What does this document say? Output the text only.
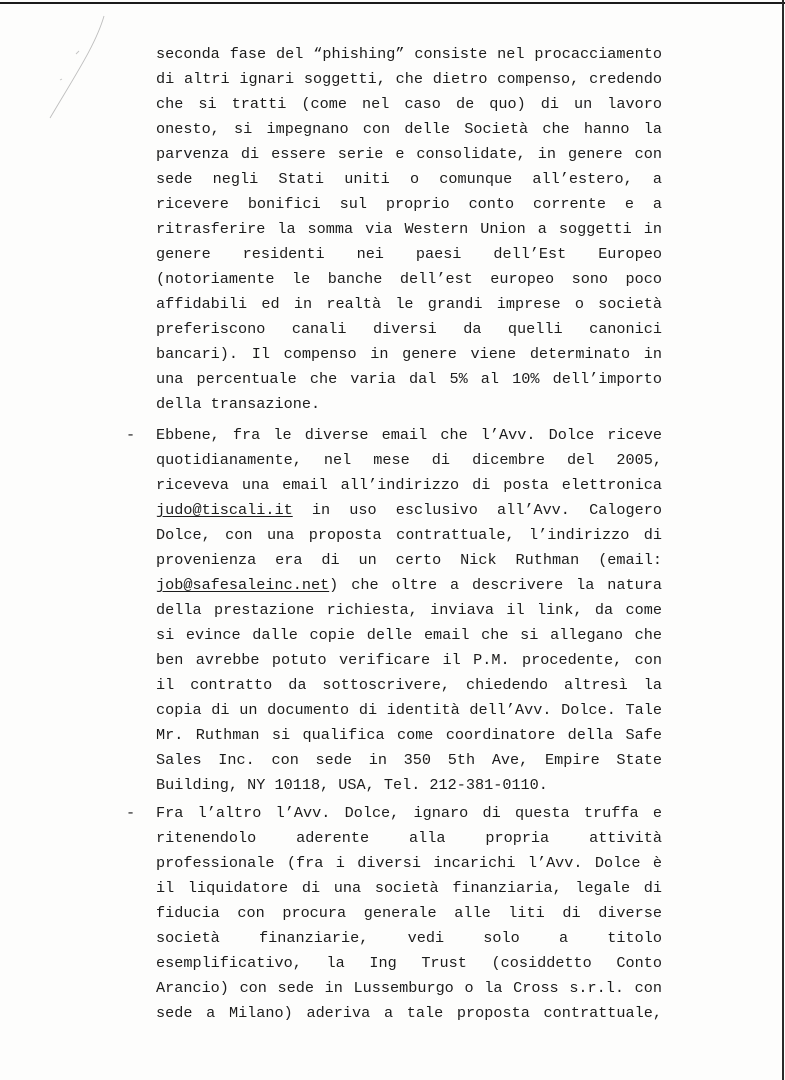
seconda fase del “phishing” consiste nel procacciamento

di altri ignari soggetti, che dietro compenso, credendo

che si tratti (come nel caso de quo) di un lavoro

onesto, si impegnano con delle Società che hanno la

parvenza di essere serie e consolidate, in genere con

sede negli Stati uniti o comunque all’estero, a

ricevere bonifici sul proprio conto corrente e a

ritrasferire la somma via Western Union a soggetti in

genere residenti nei paesi dell’Est Europeo

(notoriamente le banche dell’est europeo sono poco

affidabili ed in realtà le grandi imprese o società

preferiscono canali diversi da quelli canonici

bancari). Il compenso in genere viene determinato in

una percentuale che varia dal 5% al 10% dell’importo

della transazione.

- Ebbene, fra le diverse email che l’Avv. Dolce riceve

quotidianamente, nel mese di dicembre del 2005,

riceveva una email all’indirizzo di posta elettronica

judo@tiscali.it in uso esclusivo all’Avv. Calogero

Dolce, con una proposta contrattuale, l’indirizzo di

provenienza era di un certo Nick Ruthman (email:

job@safesaleinc.net) che oltre a descrivere la natura

della prestazione richiesta, inviava il link, da come

si evince dalle copie delle email che si allegano che

ben avrebbe potuto verificare il P.M. procedente, con

il contratto da sottoscrivere, chiedendo altresì la

copia di un documento di identità dell’Avv. Dolce. Tale

Mr. Ruthman si qualifica come coordinatore della Safe

Sales Inc. con sede in 350 5th Ave, Empire State

Building, NY 10118, USA, Tel. 212-381-0110.

- Fra l’altro l’Avv. Dolce, ignaro di questa truffa e

ritenendolo aderente alla propria attività

professionale (fra i diversi incarichi l’Avv. Dolce è

il liquidatore di una società finanziaria, legale di

fiducia con procura generale alle liti di diverse

società finanziarie, vedi solo a titolo

esemplificativo, la Ing Trust (cosiddetto Conto

Arancio) con sede in Lussemburgo o la Cross s.r.l. con

sede a Milano) aderiva a tale proposta contrattuale,
